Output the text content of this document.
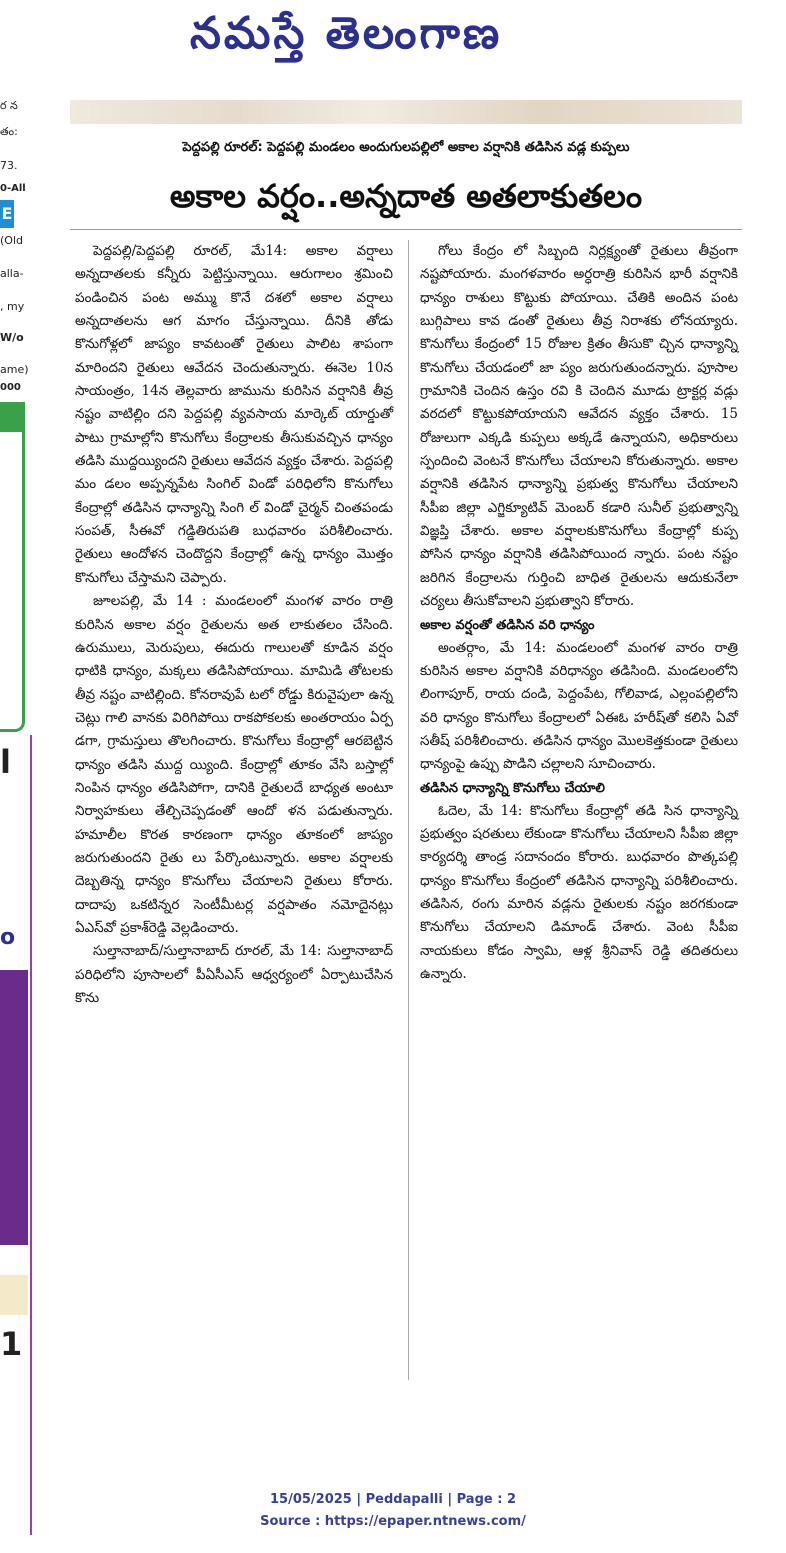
నమస్తే తెలంగాణ
ర న
తం:
73.
0-All
(Old
alla-
, my
W/o
ame)
000
E
l
o
1
పెద్దపల్లి రూరల్: పెద్దపల్లి మండలం అందుగులపల్లిలో అకాల వర్షానికి తడిసిన వడ్ల కుప్పలు
అకాల వర్షం..అన్నదాత అతలాకుతలం

పెద్దపల్లి/పెద్దపల్లి రూరల్, మే14: అకాల వర్షాలు అన్నదాతలకు కన్నీరు పెట్టిస్తున్నాయి. ఆరుగాలం శ్రమించి పండించిన పంట అమ్ము కొనే దశలో అకాల వర్షాలు అన్నదాతలను ఆగ మాగం చేస్తున్నాయి. దీనికి తోడు కొనుగోళ్లలో జాప్యం కావటంతో రైతులు పాలిట శాపంగా మారిందని రైతులు ఆవేదన చెందుతున్నారు. ఈనెల 10న సాయంత్రం, 14న తెల్లవారు జామును కురిసిన వర్షానికి తీవ్ర నష్టం వాటిల్లిం దని పెద్దపల్లి వ్యవసాయ మార్కెట్ యార్డుతో పాటు గ్రామాల్లోని కొనుగోలు కేంద్రాలకు తీసుకువచ్చిన ధాన్యం తడిసి ముద్దయ్యిందని రైతులు ఆవేదన వ్యక్తం చేశారు. పెద్దపల్లి మం డలం అప్పన్నపేట సింగిల్ విండో పరిధిలోని కొనుగోలు కేంద్రాల్లో తడిసిన ధాన్యాన్ని సింగి ల్ విండో చైర్మన్ చింతపండు సంపత్, సీఈవో గడ్డితిరుపతి బుధవారం పరిశీలించారు. రైతులు ఆందోళన చెందొద్దని కేంద్రాల్లో ఉన్న ధాన్యం మొత్తం కొనుగోలు చేస్తామని చెప్పారు.

జూలపల్లి, మే 14 : మండలంలో మంగళ వారం రాత్రి కురిసిన అకాల వర్షం రైతులను అత లాకుతలం చేసింది. ఉరుములు, మెరుపులు, ఈదురు గాలులతో కూడిన వర్షం ధాటికి ధాన్యం, మక్కలు తడిసిపోయాయి. మామిడి తోటలకు తీవ్ర నష్టం వాటిల్లింది. కోనరావుపే టలో రోడ్డు కిరువైపులా ఉన్న చెట్లు గాలి వానకు విరిగిపోయి రాకపోకలకు అంతరాయం ఏర్ప డగా, గ్రామస్తులు తొలగించారు. కొనుగోలు కేంద్రాల్లో ఆరబెట్టిన ధాన్యం తడిసి ముద్ద య్యింది. కేంద్రాల్లో తూకం వేసి బస్తాల్లో నింపిన ధాన్యం తడిసిపోగా, దానికి రైతులదే బాధ్యత అంటూ నిర్వాహకులు తేల్చిచెప్పడంతో ఆందో ళన పడుతున్నారు. హమాలీల కొరత కారణంగా ధాన్యం తూకంలో జాప్యం జరుగుతుందని రైతు లు పేర్కొంటున్నారు. అకాల వర్షాలకు దెబ్బతిన్న ధాన్యం కొనుగోలు చేయాలని రైతులు కోరారు. దాదాపు ఒకటిన్నర సెంటీమీటర్ల వర్షపాతం నమోదైనట్లు ఏఎస్‌వో ప్రకాశ్‌రెడ్డి వెల్లడించారు.

సుల్తానాబాద్/సుల్తానాబాద్ రూరల్, మే 14: సుల్తానాబాద్ పరిధిలోని పూసాలలో పీఏసీఎస్ ఆధ్వర్యంలో ఏర్పాటుచేసిన కొను

గోలు కేంద్రం లో సిబ్బంది నిర్లక్ష్యంతో రైతులు తీవ్రంగా నష్టపోయారు. మంగళవారం అర్ధరాత్రి కురిసిన భారీ వర్షానికి ధాన్యం రాశులు కొట్టుకు పోయాయి. చేతికి అందిన పంట బుగ్గిపాలు కావ డంతో రైతులు తీవ్ర నిరాశకు లోనయ్యారు. కొనుగోలు కేంద్రంలో 15 రోజుల క్రితం తీసుకొ చ్చిన ధాన్యాన్ని కొనుగోలు చేయడంలో జా ప్యం జరుగుతుందన్నారు. పూసాల గ్రామానికి చెందిన ఉస్తం రవి కి చెందిన మూడు ట్రాక్టర్ల వడ్లు వరదలో కొట్టుకపోయాయని ఆవేదన వ్యక్తం చేశారు. 15 రోజులుగా ఎక్కడి కుప్పలు అక్కడే ఉన్నాయని, అధికారులు స్పందించి వెంటనే కొనుగోలు చేయాలని కోరుతున్నారు. అకాల వర్షానికి తడిసిన ధాన్యాన్ని ప్రభుత్వ కొనుగోలు చేయాలని సీపీఐ జిల్లా ఎగ్జిక్యూటివ్ మెంబర్ కడారి సునీల్ ప్రభుత్వాన్ని విజ్ఞప్తి చేశారు. అకాల వర్షాలకుకొనుగోలు కేంద్రాల్లో కుప్ప పోసిన ధాన్యం వర్షానికి తడిసిపోయింద న్నారు. పంట నష్టం జరిగిన కేంద్రాలను గుర్తించి బాధిత రైతులను ఆదుకునేలా చర్యలు తీసుకోవాలని ప్రభుత్వాని కోరారు.

అకాల వర్షంతో తడిసిన వరి ధాన్యం

అంతర్గాం, మే 14: మండలంలో మంగళ వారం రాత్రి కురిసిన అకాల వర్షానికి వరిధాన్యం తడిసింది. మండలంలోని లింగాపూర్, రాయ దండి, పెద్దంపేట, గోలివాడ, ఎల్లంపల్లిలోని వరి ధాన్యం కొనుగోలు కేంద్రాలలో ఏఈఓ హరీష్‌తో కలిసి ఏవో సతీష్ పరిశీలించారు. తడిసిన ధాన్యం మొలకెత్తకుండా రైతులు ధాన్యంపై ఉప్పు పొడిని చల్లాలని సూచించారు.

తడిసిన ధాన్యాన్ని కొనుగోలు చేయాలి

ఓదెల, మే 14: కొనుగోలు కేంద్రాల్లో తడి సిన ధాన్యాన్ని ప్రభుత్వం షరతులు లేకుండా కొనుగోలు చేయాలని సీపీఐ జిల్లా కార్యదర్శి తాండ్ర సదానందం కోరారు. బుధవారం పొత్కపల్లి ధాన్యం కొనుగోలు కేంద్రంలో తడిసిన ధాన్యాన్ని పరిశీలించారు. తడిసిన, రంగు మారిన వడ్లను రైతులకు నష్టం జరగకుండా కొనుగోలు చేయాలని డిమాండ్ చేశారు. వెంట సీపీఐ నాయకులు కోడం స్వామి, ఆళ్ల శ్రీనివాస్ రెడ్డి తదితరులు ఉన్నారు.

15/05/2025 | Peddapalli | Page : 2
Source : https://epaper.ntnews.com/
